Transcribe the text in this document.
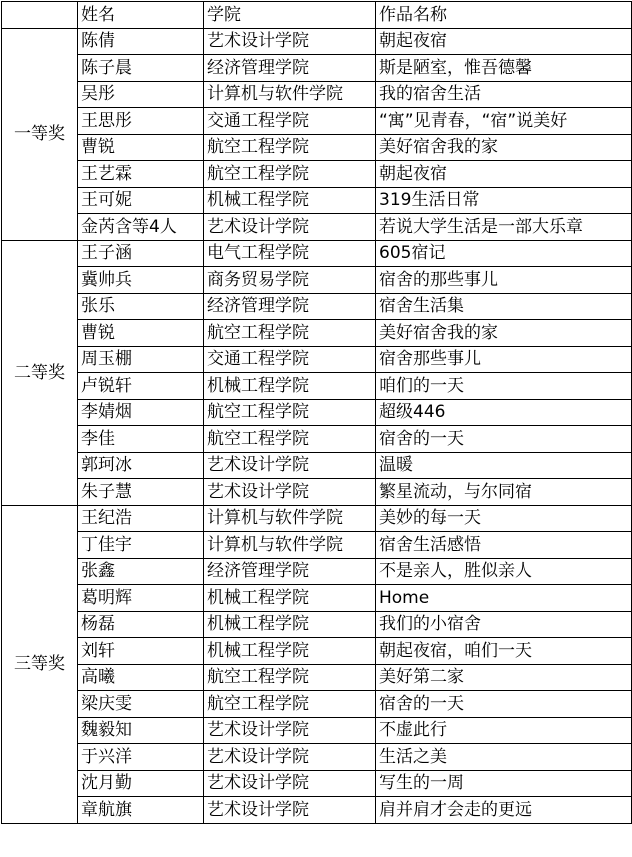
	姓名	学院	作品名称
一等奖	陈倩	艺术设计学院	朝起夜宿
	陈子晨	经济管理学院	斯是陋室，惟吾德馨
	吴彤	计算机与软件学院	我的宿舍生活
	王思彤	交通工程学院	“寓”见青春，“宿”说美好
	曹锐	航空工程学院	美好宿舍我的家
	王艺霖	航空工程学院	朝起夜宿
	王可妮	机械工程学院	319生活日常
	金芮含等4人	艺术设计学院	若说大学生活是一部大乐章
二等奖	王子涵	电气工程学院	605宿记
	冀帅兵	商务贸易学院	宿舍的那些事儿
	张乐	经济管理学院	宿舍生活集
	曹锐	航空工程学院	美好宿舍我的家
	周玉棚	交通工程学院	宿舍那些事儿
	卢锐轩	机械工程学院	咱们的一天
	李婧烟	航空工程学院	超级446
	李佳	航空工程学院	宿舍的一天
	郭珂冰	艺术设计学院	温暖
	朱子慧	艺术设计学院	繁星流动，与尔同宿
三等奖	王纪浩	计算机与软件学院	美妙的每一天
	丁佳宇	计算机与软件学院	宿舍生活感悟
	张鑫	经济管理学院	不是亲人，胜似亲人
	葛明辉	机械工程学院	Home
	杨磊	机械工程学院	我们的小宿舍
	刘轩	机械工程学院	朝起夜宿，咱们一天
	高曦	航空工程学院	美好第二家
	梁庆雯	航空工程学院	宿舍的一天
	魏毅知	艺术设计学院	不虚此行
	于兴洋	艺术设计学院	生活之美
	沈月勤	艺术设计学院	写生的一周
	章航旗	艺术设计学院	肩并肩才会走的更远
